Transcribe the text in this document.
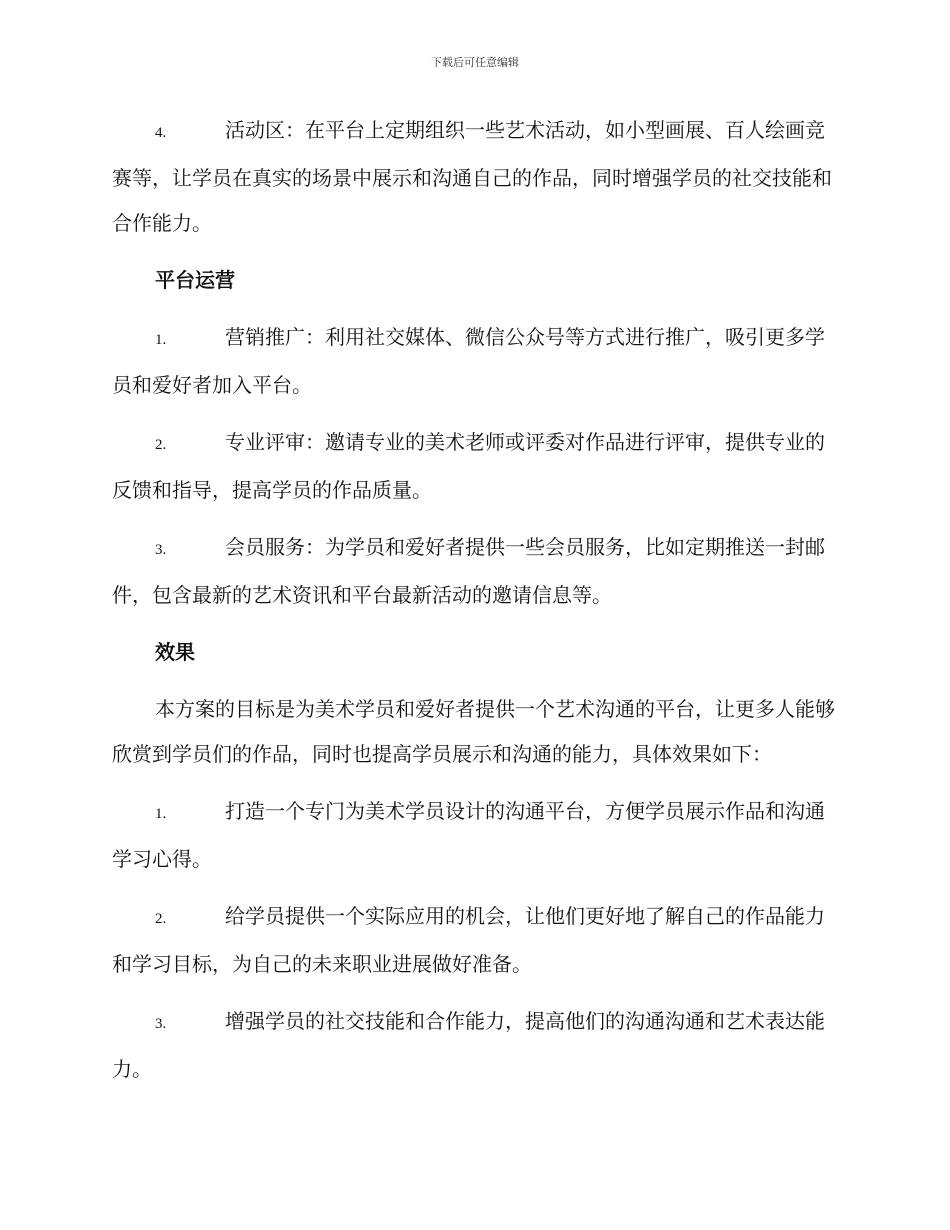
下载后可任意编辑

4.	活动区：在平台上定期组织一些艺术活动，如小型画展、百人绘画竞赛等，让学员在真实的场景中展示和沟通自己的作品，同时增强学员的社交技能和合作能力。

平台运营

1.	营销推广：利用社交媒体、微信公众号等方式进行推广，吸引更多学员和爱好者加入平台。

2.	专业评审：邀请专业的美术老师或评委对作品进行评审，提供专业的反馈和指导，提高学员的作品质量。

3.	会员服务：为学员和爱好者提供一些会员服务，比如定期推送一封邮件，包含最新的艺术资讯和平台最新活动的邀请信息等。

效果

本方案的目标是为美术学员和爱好者提供一个艺术沟通的平台，让更多人能够欣赏到学员们的作品，同时也提高学员展示和沟通的能力，具体效果如下：

1.	打造一个专门为美术学员设计的沟通平台，方便学员展示作品和沟通学习心得。

2.	给学员提供一个实际应用的机会，让他们更好地了解自己的作品能力和学习目标，为自己的未来职业进展做好准备。

3.	增强学员的社交技能和合作能力，提高他们的沟通沟通和艺术表达能力。
